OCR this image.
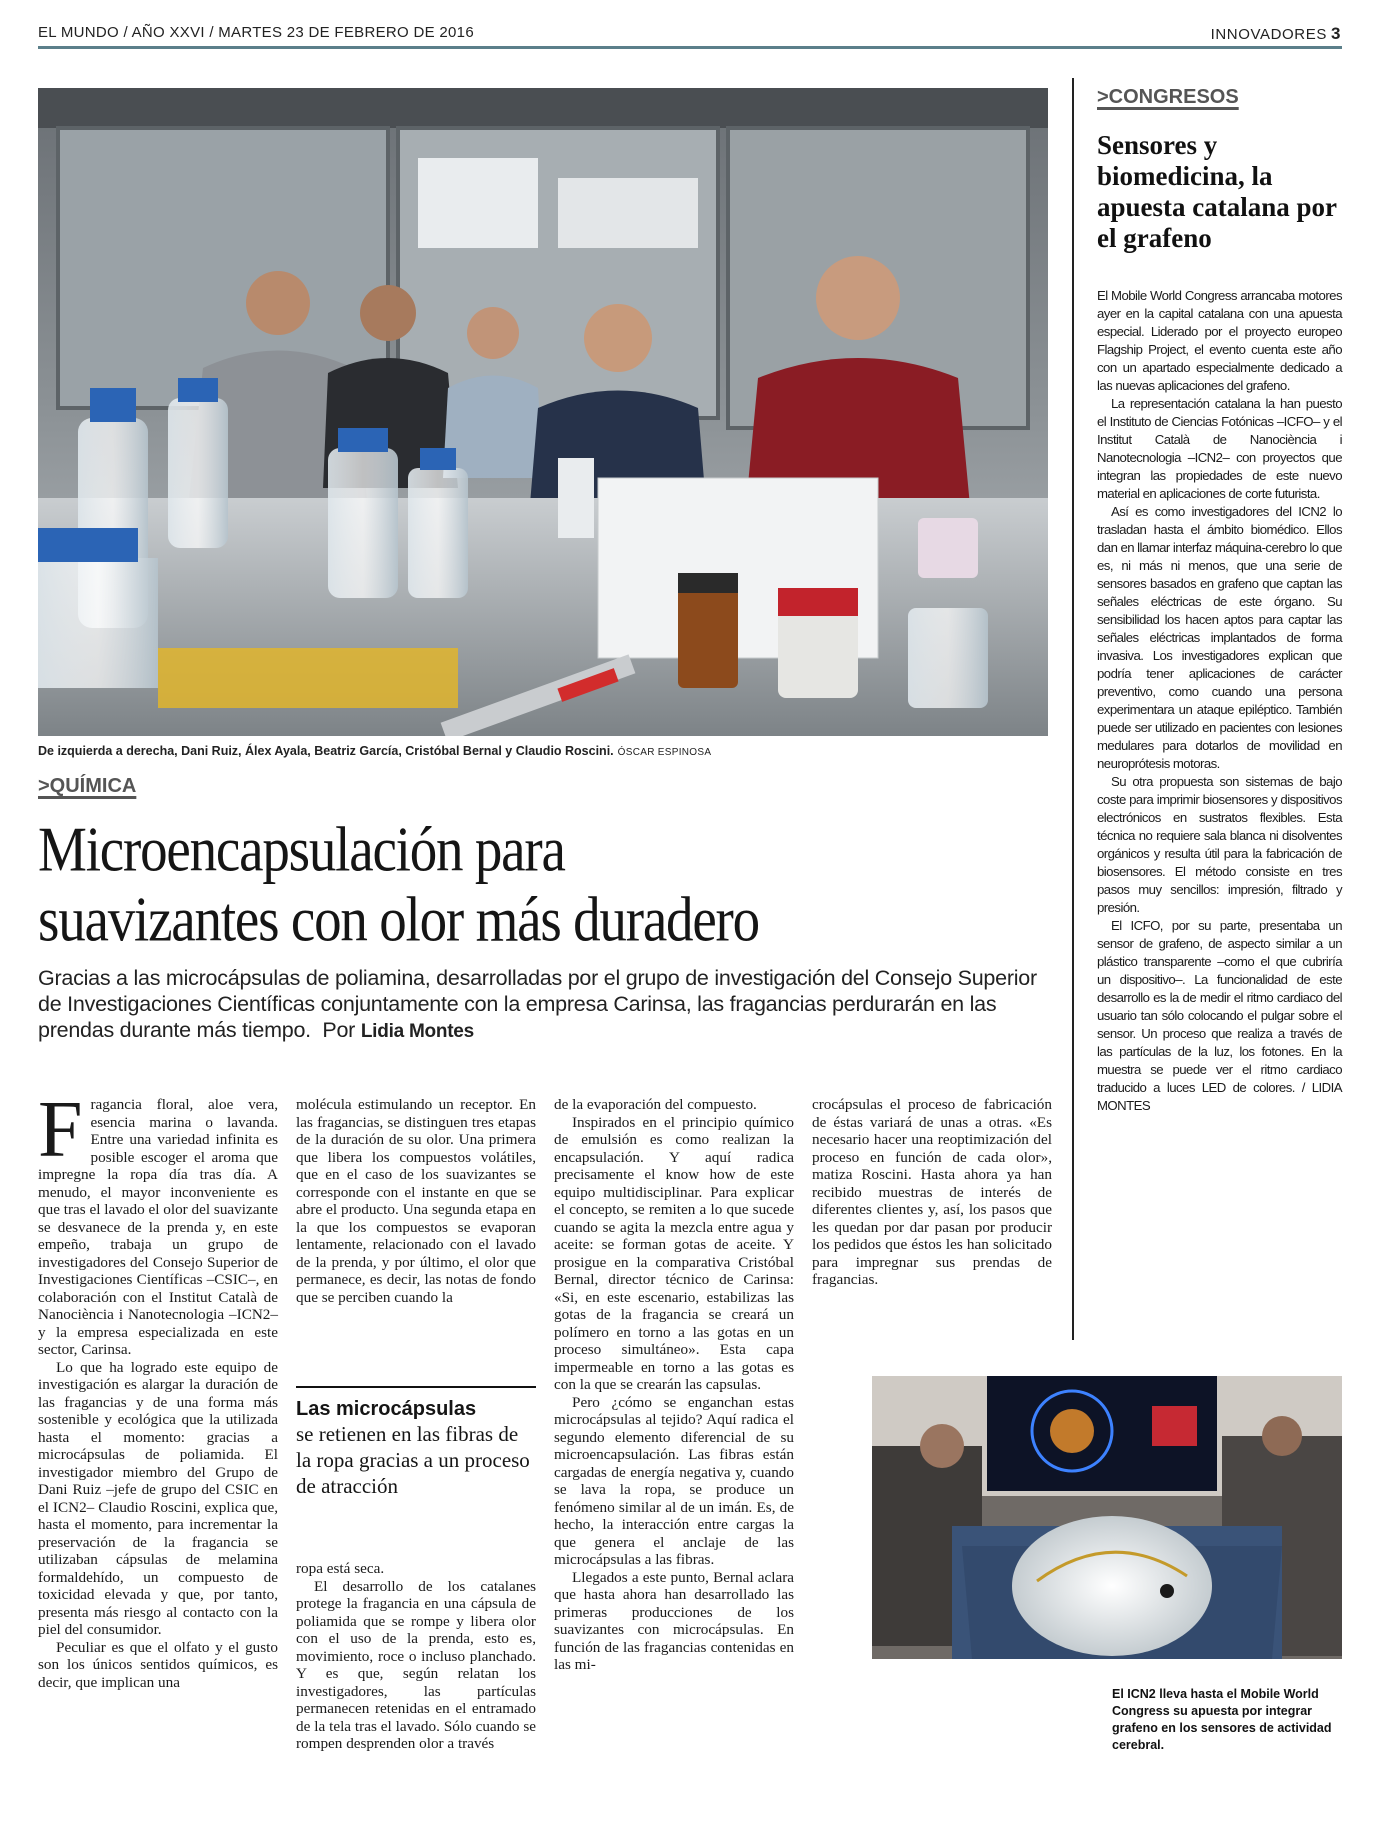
EL MUNDO / AÑO XXVI / MARTES 23 DE FEBRERO DE 2016	INNOVADORES 3
De izquierda a derecha, Dani Ruiz, Álex Ayala, Beatriz García, Cristóbal Bernal y Claudio Roscini. ÓSCAR ESPINOSA
>QUÍMICA
Microencapsulación para
suavizantes con olor más duradero
Gracias a las microcápsulas de poliamina, desarrolladas por el grupo de investigación del Consejo Superior de Investigaciones Científicas conjuntamente con la empresa Carinsa, las fragancias perdurarán en las prendas durante más tiempo. Por Lidia Montes

Fragancia floral, aloe vera, esencia marina o lavanda. Entre una variedad infinita es posible escoger el aroma que impregne la ropa día tras día. A menudo, el mayor inconveniente es que tras el lavado el olor del suavizante se desvanece de la prenda y, en este empeño, trabaja un grupo de investigadores del Consejo Superior de Investigaciones Científicas –CSIC–, en colaboración con el Institut Català de Nanociència i Nanotecnologia –ICN2– y la empresa especializada en este sector, Carinsa.

Lo que ha logrado este equipo de investigación es alargar la duración de las fragancias y de una forma más sostenible y ecológica que la utilizada hasta el momento: gracias a microcápsulas de poliamida. El investigador miembro del Grupo de Dani Ruiz –jefe de grupo del CSIC en el ICN2– Claudio Roscini, explica que, hasta el momento, para incrementar la preservación de la fragancia se utilizaban cápsulas de melamina formaldehído, un compuesto de toxicidad elevada y que, por tanto, presenta más riesgo al contacto con la piel del consumidor.

Peculiar es que el olfato y el gusto son los únicos sentidos químicos, es decir, que implican una

molécula estimulando un receptor. En las fragancias, se distinguen tres etapas de la duración de su olor. Una primera que libera los compuestos volátiles, que en el caso de los suavizantes se corresponde con el instante en que se abre el producto. Una segunda etapa en la que los compuestos se evaporan lentamente, relacionado con el lavado de la prenda, y por último, el olor que permanece, es decir, las notas de fondo que se perciben cuando la

Las microcápsulas
se retienen en las fibras de la ropa gracias a un proceso de atracción

ropa está seca.

El desarrollo de los catalanes protege la fragancia en una cápsula de poliamida que se rompe y libera olor con el uso de la prenda, esto es, movimiento, roce o incluso planchado. Y es que, según relatan los investigadores, las partículas permanecen retenidas en el entramado de la tela tras el lavado. Sólo cuando se rompen desprenden olor a través

de la evaporación del compuesto.

Inspirados en el principio químico de emulsión es como realizan la encapsulación. Y aquí radica precisamente el know how de este equipo multidisciplinar. Para explicar el concepto, se remiten a lo que sucede cuando se agita la mezcla entre agua y aceite: se forman gotas de aceite. Y prosigue en la comparativa Cristóbal Bernal, director técnico de Carinsa: «Si, en este escenario, estabilizas las gotas de la fragancia se creará un polímero en torno a las gotas en un proceso simultáneo». Esta capa impermeable en torno a las gotas es con la que se crearán las capsulas.

Pero ¿cómo se enganchan estas microcápsulas al tejido? Aquí radica el segundo elemento diferencial de su microencapsulación. Las fibras están cargadas de energía negativa y, cuando se lava la ropa, se produce un fenómeno similar al de un imán. Es, de hecho, la interacción entre cargas la que genera el anclaje de las microcápsulas a las fibras.

Llegados a este punto, Bernal aclara que hasta ahora han desarrollado las primeras producciones de los suavizantes con microcápsulas. En función de las fragancias contenidas en las mi-

crocápsulas el proceso de fabricación de éstas variará de unas a otras. «Es necesario hacer una reoptimización del proceso en función de cada olor», matiza Roscini. Hasta ahora ya han recibido muestras de interés de diferentes clientes y, así, los pasos que les quedan por dar pasan por producir los pedidos que éstos les han solicitado para impregnar sus prendas de fragancias.

>CONGRESOS
Sensores y biomedicina, la apuesta catalana por el grafeno

El Mobile World Congress arrancaba motores ayer en la capital catalana con una apuesta especial. Liderado por el proyecto europeo Flagship Project, el evento cuenta este año con un apartado especialmente dedicado a las nuevas aplicaciones del grafeno.

La representación catalana la han puesto el Instituto de Ciencias Fotónicas –ICFO– y el Institut Català de Nanociència i Nanotecnologia –ICN2– con proyectos que integran las propiedades de este nuevo material en aplicaciones de corte futurista.

Así es como investigadores del ICN2 lo trasladan hasta el ámbito biomédico. Ellos dan en llamar interfaz máquina-cerebro lo que es, ni más ni menos, que una serie de sensores basados en grafeno que captan las señales eléctricas de este órgano. Su sensibilidad los hacen aptos para captar las señales eléctricas implantados de forma invasiva. Los investigadores explican que podría tener aplicaciones de carácter preventivo, como cuando una persona experimentara un ataque epiléptico. También puede ser utilizado en pacientes con lesiones medulares para dotarlos de movilidad en neuroprótesis motoras.

Su otra propuesta son sistemas de bajo coste para imprimir biosensores y dispositivos electrónicos en sustratos flexibles. Esta técnica no requiere sala blanca ni disolventes orgánicos y resulta útil para la fabricación de biosensores. El método consiste en tres pasos muy sencillos: impresión, filtrado y presión.

El ICFO, por su parte, presentaba un sensor de grafeno, de aspecto similar a un plástico transparente –como el que cubriría un dispositivo–. La funcionalidad de este desarrollo es la de medir el ritmo cardiaco del usuario tan sólo colocando el pulgar sobre el sensor. Un proceso que realiza a través de las partículas de la luz, los fotones. En la muestra se puede ver el ritmo cardiaco traducido a luces LED de colores. / LIDIA MONTES

El ICN2 lleva hasta el Mobile World Congress su apuesta por integrar grafeno en los sensores de actividad cerebral.
